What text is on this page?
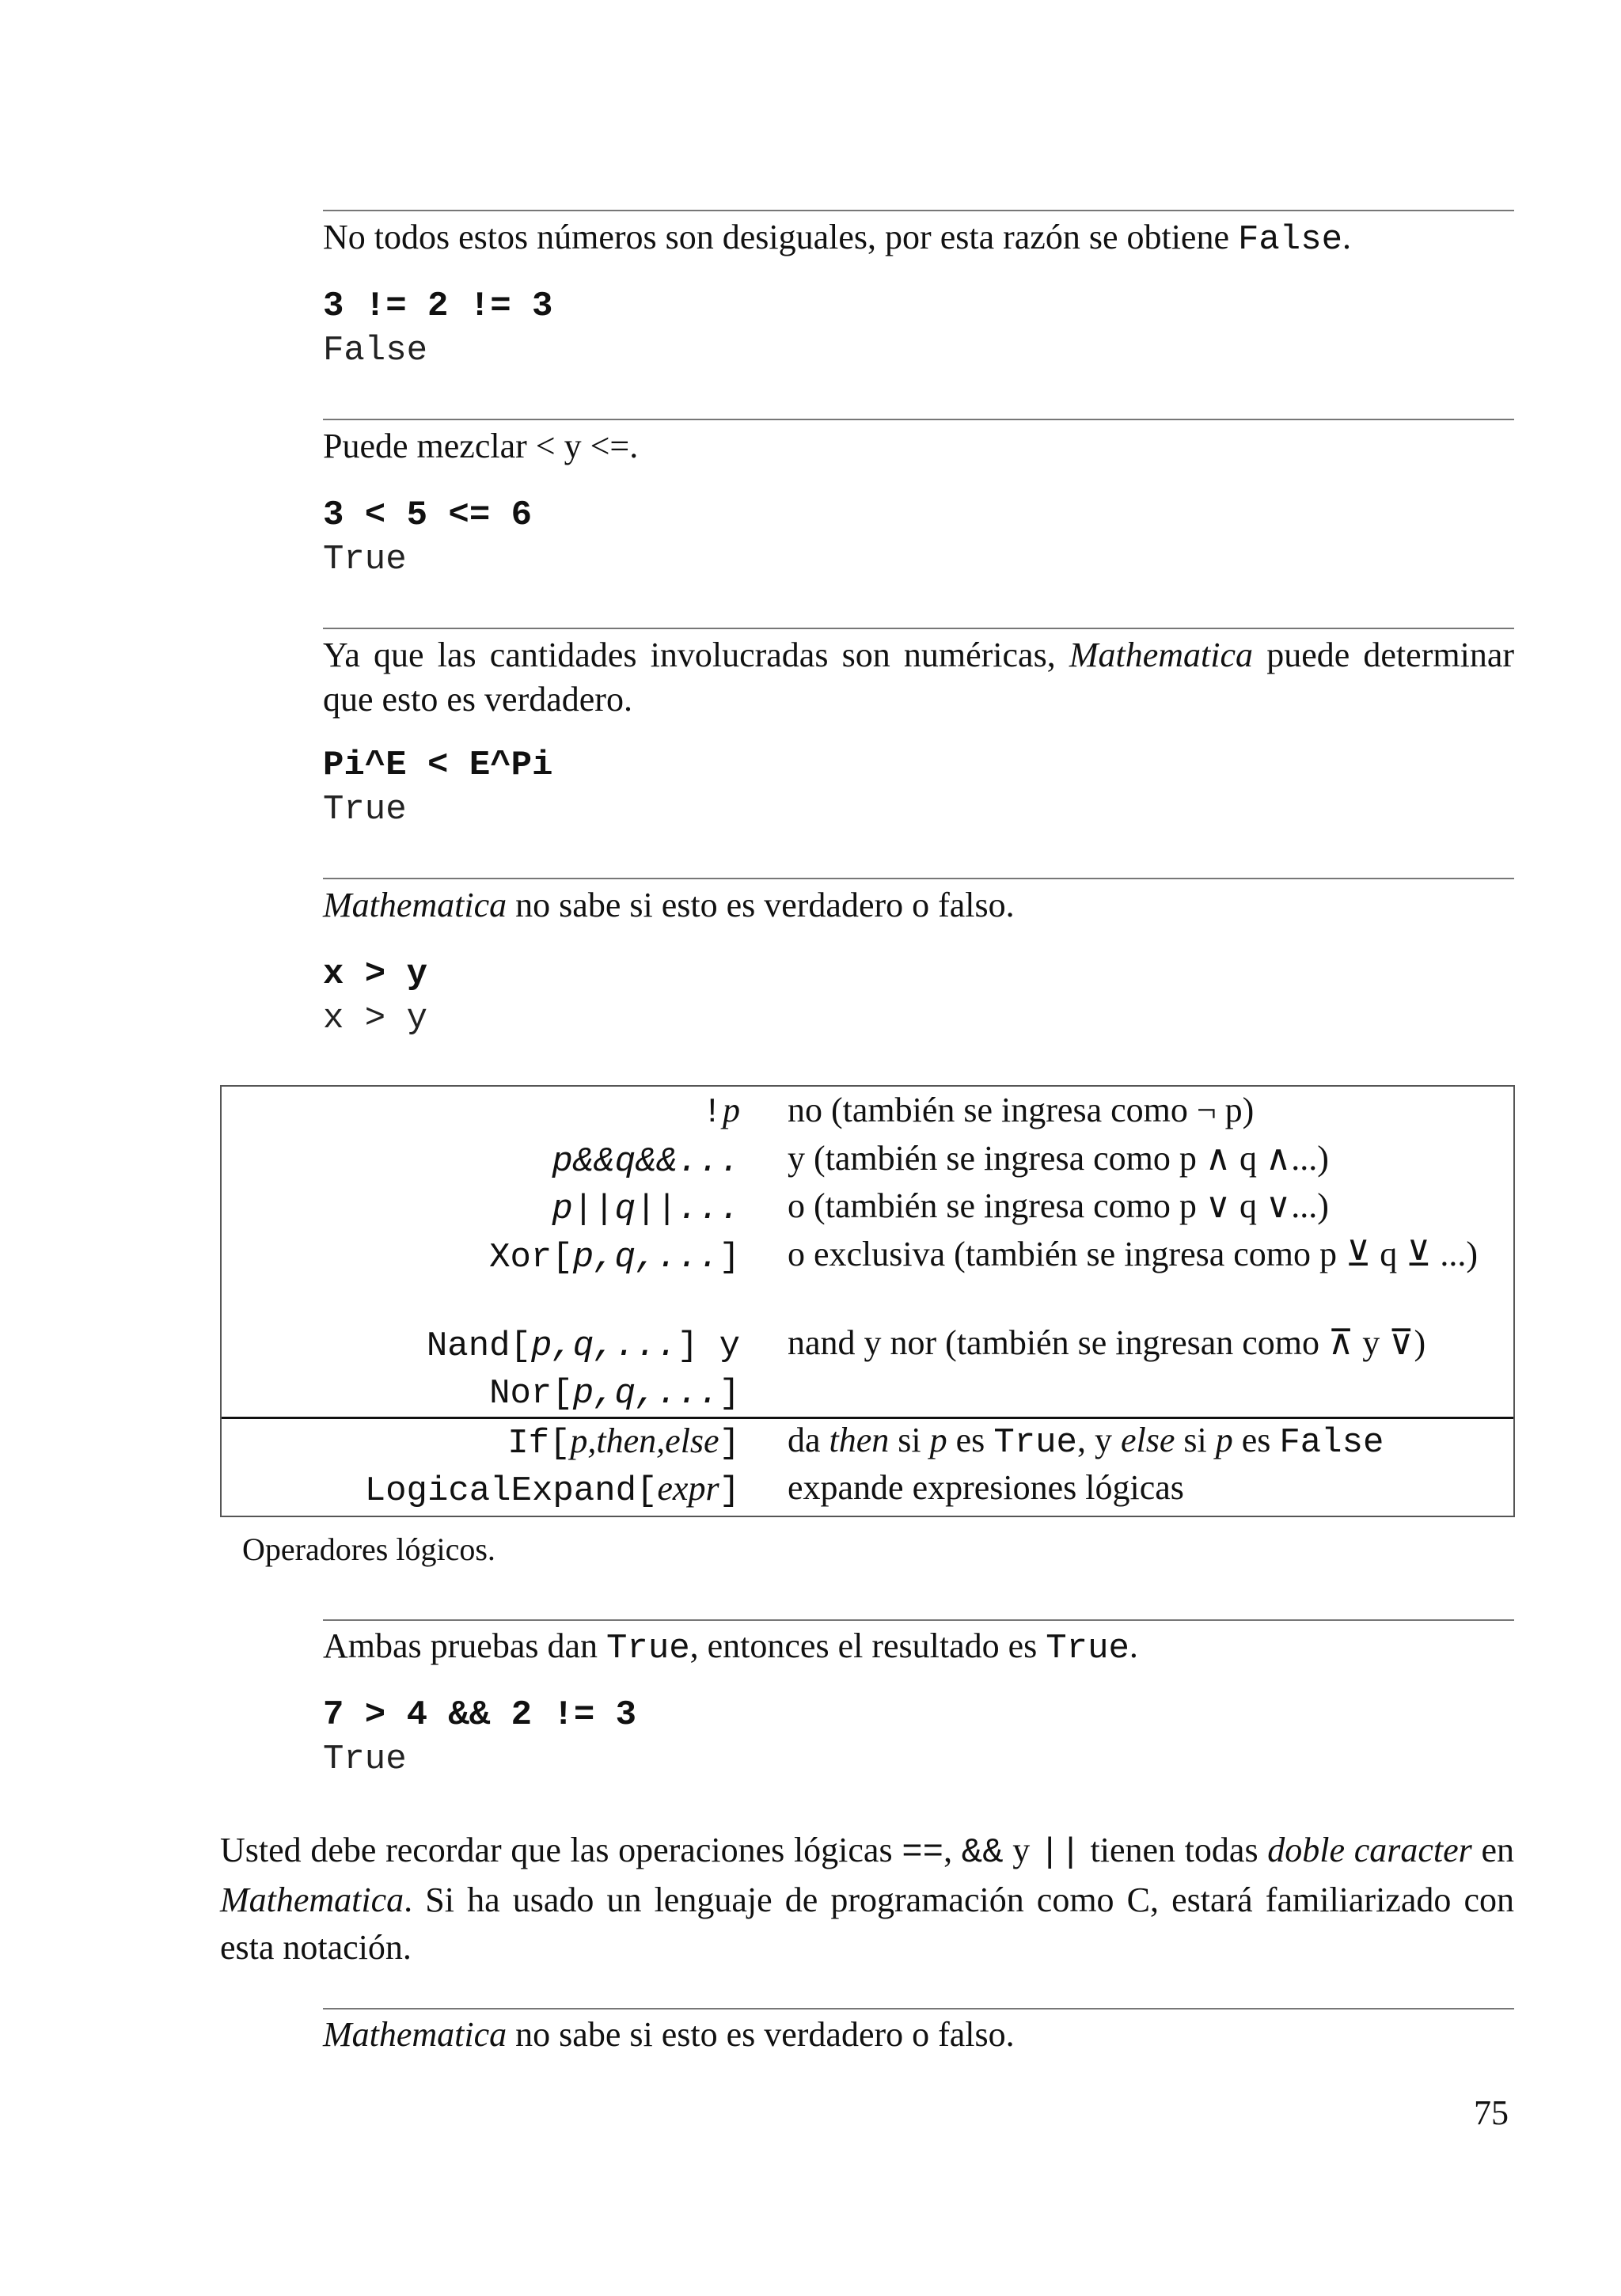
No todos estos números son desiguales, por esta razón se obtiene False.
3 != 2 != 3
False
Puede mezclar < y <=.
3 < 5 <= 6
True
Ya que las cantidades involucradas son numéricas, Mathematica puede determinar que esto es verdadero.
Pi^E < E^Pi
True
Mathematica no sabe si esto es verdadero o falso.
x > y
x > y
!p no (también se ingresa como ¬ p)
p&&q&&... y (también se ingresa como p ∧ q ∧...)
p||q||... o (también se ingresa como p ∨ q ∨...)
Xor[p,q,...] o exclusiva (también se ingresa como p ⊻ q ⊻ ...)
Nand[p,q,...] y nand y nor (también se ingresan como ⊼ y ⊽)
Nor[p,q,...]
If[p,then,else] da then si p es True, y else si p es False
LogicalExpand[expr] expande expresiones lógicas
Operadores lógicos.
Ambas pruebas dan True, entonces el resultado es True.
7 > 4 && 2 != 3
True
Usted debe recordar que las operaciones lógicas ==, && y || tienen todas doble caracter en Mathematica. Si ha usado un lenguaje de programación como C, estará familiarizado con esta notación.
Mathematica no sabe si esto es verdadero o falso.
75
